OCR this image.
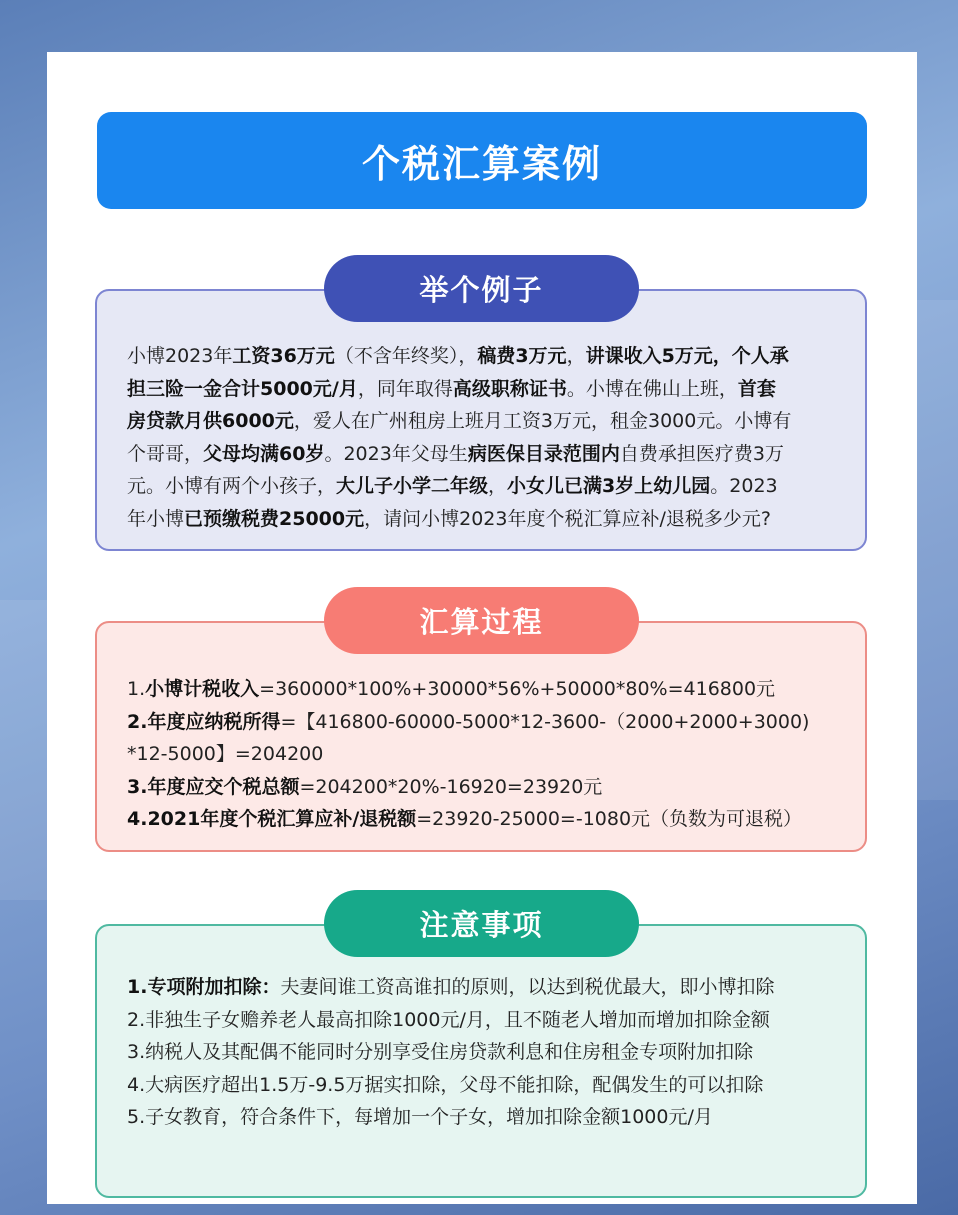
个税汇算案例
举个例子
小博2023年工资36万元（不含年终奖），稿费3万元，讲课收入5万元，个人承
担三险一金合计5000元/月，同年取得高级职称证书。小博在佛山上班，首套
房贷款月供6000元，爱人在广州租房上班月工资3万元，租金3000元。小博有
个哥哥，父母均满60岁。2023年父母生病医保目录范围内自费承担医疗费3万
元。小博有两个小孩子，大儿子小学二年级，小女儿已满3岁上幼儿园。2023
年小博已预缴税费25000元，请问小博2023年度个税汇算应补/退税多少元?
汇算过程
1.小博计税收入=360000*100%+30000*56%+50000*80%=416800元
2.年度应纳税所得=【416800-60000-5000*12-3600-（2000+2000+3000)
*12-5000】=204200
3.年度应交个税总额=204200*20%-16920=23920元
4.2021年度个税汇算应补/退税额=23920-25000=-1080元（负数为可退税）
注意事项
1.专项附加扣除：夫妻间谁工资高谁扣的原则，以达到税优最大，即小博扣除
2.非独生子女赡养老人最高扣除1000元/月，且不随老人增加而增加扣除金额
3.纳税人及其配偶不能同时分别享受住房贷款利息和住房租金专项附加扣除
4.大病医疗超出1.5万-9.5万据实扣除，父母不能扣除，配偶发生的可以扣除
5.子女教育，符合条件下，每增加一个子女，增加扣除金额1000元/月
